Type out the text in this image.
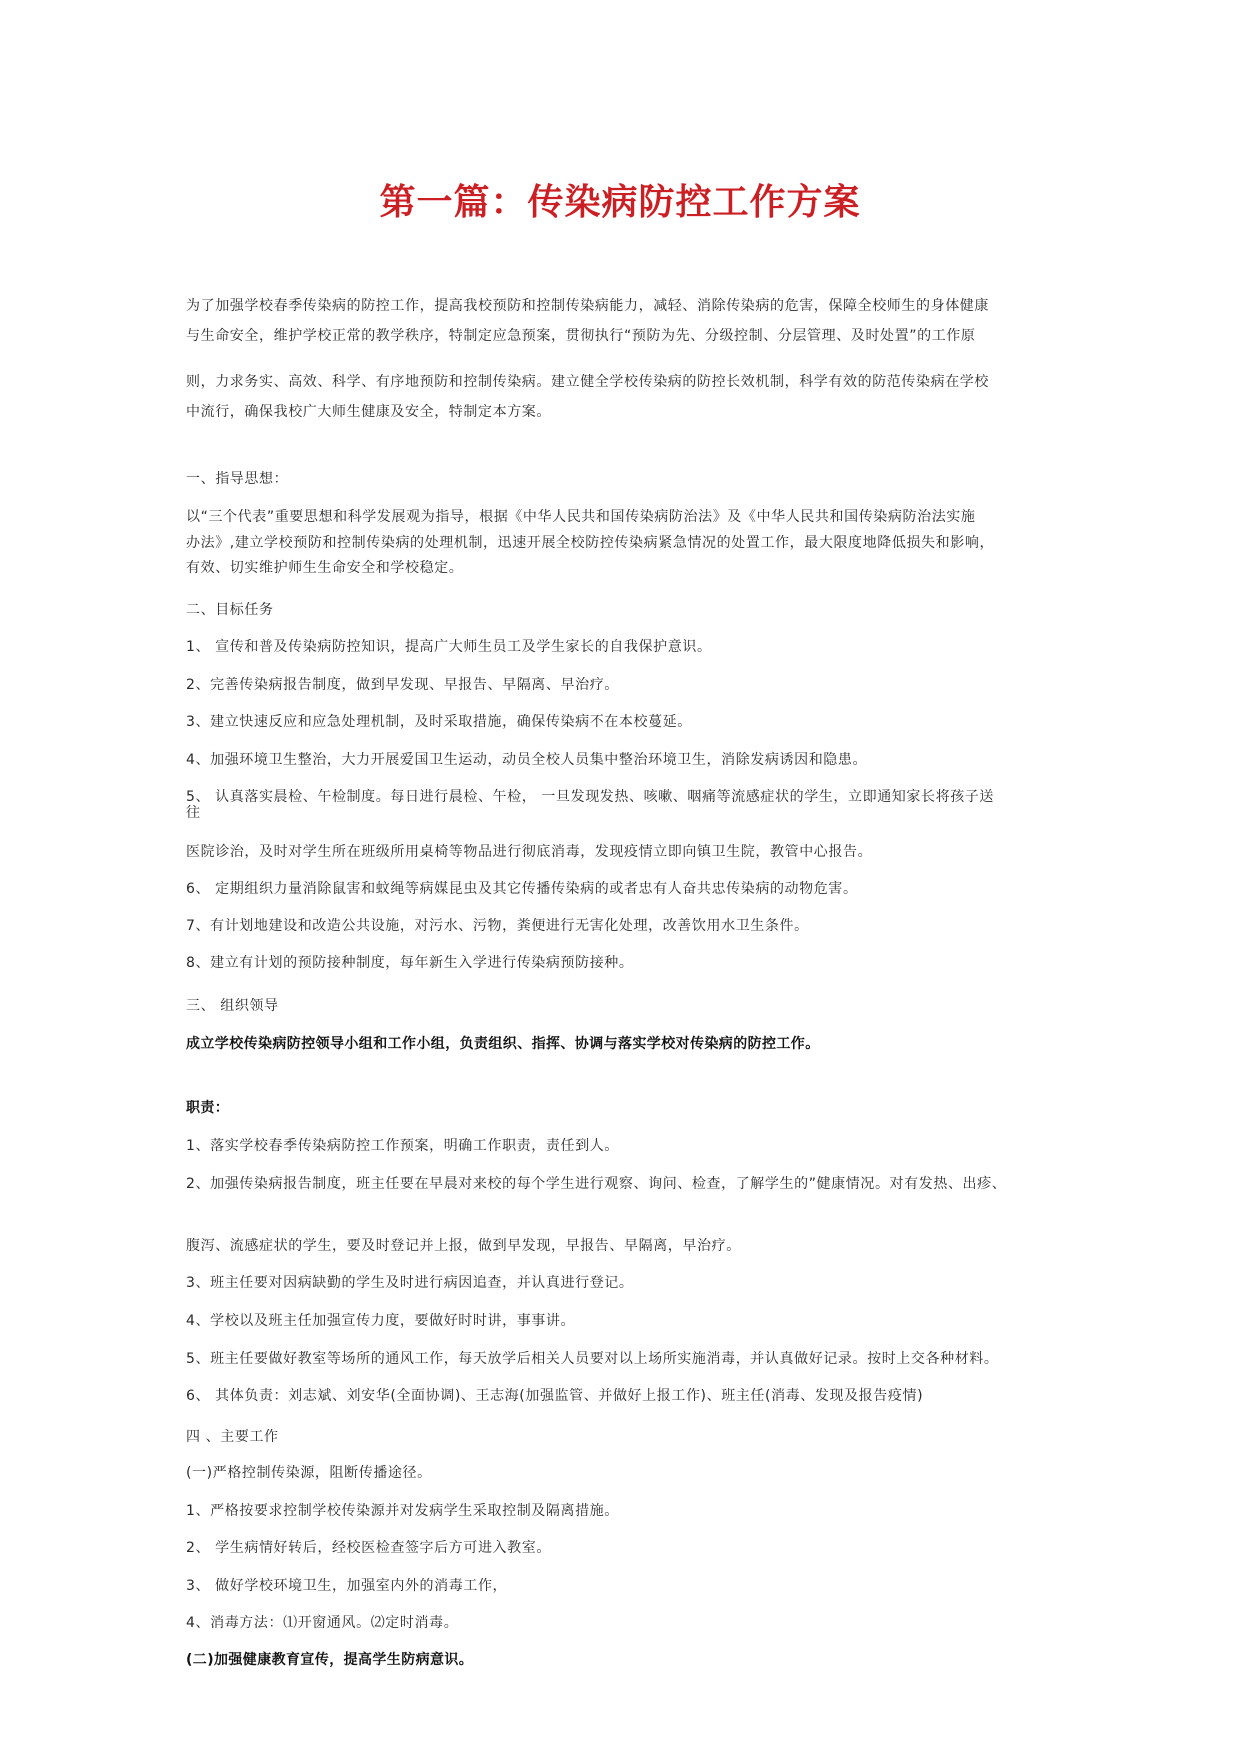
第一篇：传染病防控工作方案
为了加强学校春季传染病的防控工作，提高我校预防和控制传染病能力，减轻、消除传染病的危害，保障全校师生的身体健康
与生命安全，维护学校正常的教学秩序，特制定应急预案，贯彻执行“预防为先、分级控制、分层管理、及时处置”的工作原
则，力求务实、高效、科学、有序地预防和控制传染病。建立健全学校传染病的防控长效机制，科学有效的防范传染病在学校
中流行，确保我校广大师生健康及安全，特制定本方案。
一、指导思想：
以“三个代表”重要思想和科学发展观为指导，根据《中华人民共和国传染病防治法》及《中华人民共和国传染病防治法实施
办法》,建立学校预防和控制传染病的处理机制，迅速开展全校防控传染病紧急情况的处置工作，最大限度地降低损失和影响，
有效、切实维护师生生命安全和学校稳定。
二、目标任务
1、 宣传和普及传染病防控知识，提高广大师生员工及学生家长的自我保护意识。
2、完善传染病报告制度，做到早发现、早报告、早隔离、早治疗。
3、建立快速反应和应急处理机制，及时采取措施，确保传染病不在本校蔓延。
4、加强环境卫生整治，大力开展爱国卫生运动，动员全校人员集中整治环境卫生，消除发病诱因和隐患。
5、 认真落实晨检、午检制度。每日进行晨检、午检， 一旦发现发热、咳嗽、咽痛等流感症状的学生，立即通知家长将孩子送
往
医院诊治，及时对学生所在班级所用桌椅等物品进行彻底消毒，发现疫情立即向镇卫生院，教管中心报告。
6、 定期组织力量消除鼠害和蚊绳等病媒昆虫及其它传播传染病的或者忠有人奋共忠传染病的动物危害。
7、有计划地建设和改造公共设施，对污水、污物，粪便进行无害化处理，改善饮用水卫生条件。
8、建立有计划的预防接种制度，每年新生入学进行传染病预防接种。
三、 组织领导
成立学校传染病防控领导小组和工作小组，负责组织、指挥、协调与落实学校对传染病的防控工作。
职责：
1、落实学校春季传染病防控工作预案，明确工作职责，责任到人。
2、加强传染病报告制度，班主任要在早晨对来校的每个学生进行观察、询问、检查，了解学生的”健康情况。对有发热、出疹、
腹泻、流感症状的学生，要及时登记并上报，做到早发现，早报告、早隔离，早治疗。
3、班主任要对因病缺勤的学生及时进行病因追查，并认真进行登记。
4、学校以及班主任加强宣传力度，要做好时时讲，事事讲。
5、班主任要做好教室等场所的通风工作，每天放学后相关人员要对以上场所实施消毒，并认真做好记录。按时上交各种材料。
6、 其体负责：刘志斌、刘安华(全面协调)、王志海(加强监管、并做好上报工作)、班主任(消毒、发现及报告疫情)
四 、主要工作
(一)严格控制传染源，阻断传播途径。
1、严格按要求控制学校传染源并对发病学生采取控制及隔离措施。
2、 学生病情好转后，经校医检查签字后方可进入教室。
3、 做好学校环境卫生，加强室内外的消毒工作，
4、消毒方法：⑴开窗通风。⑵定时消毒。
(二)加强健康教育宣传，提高学生防病意识。
